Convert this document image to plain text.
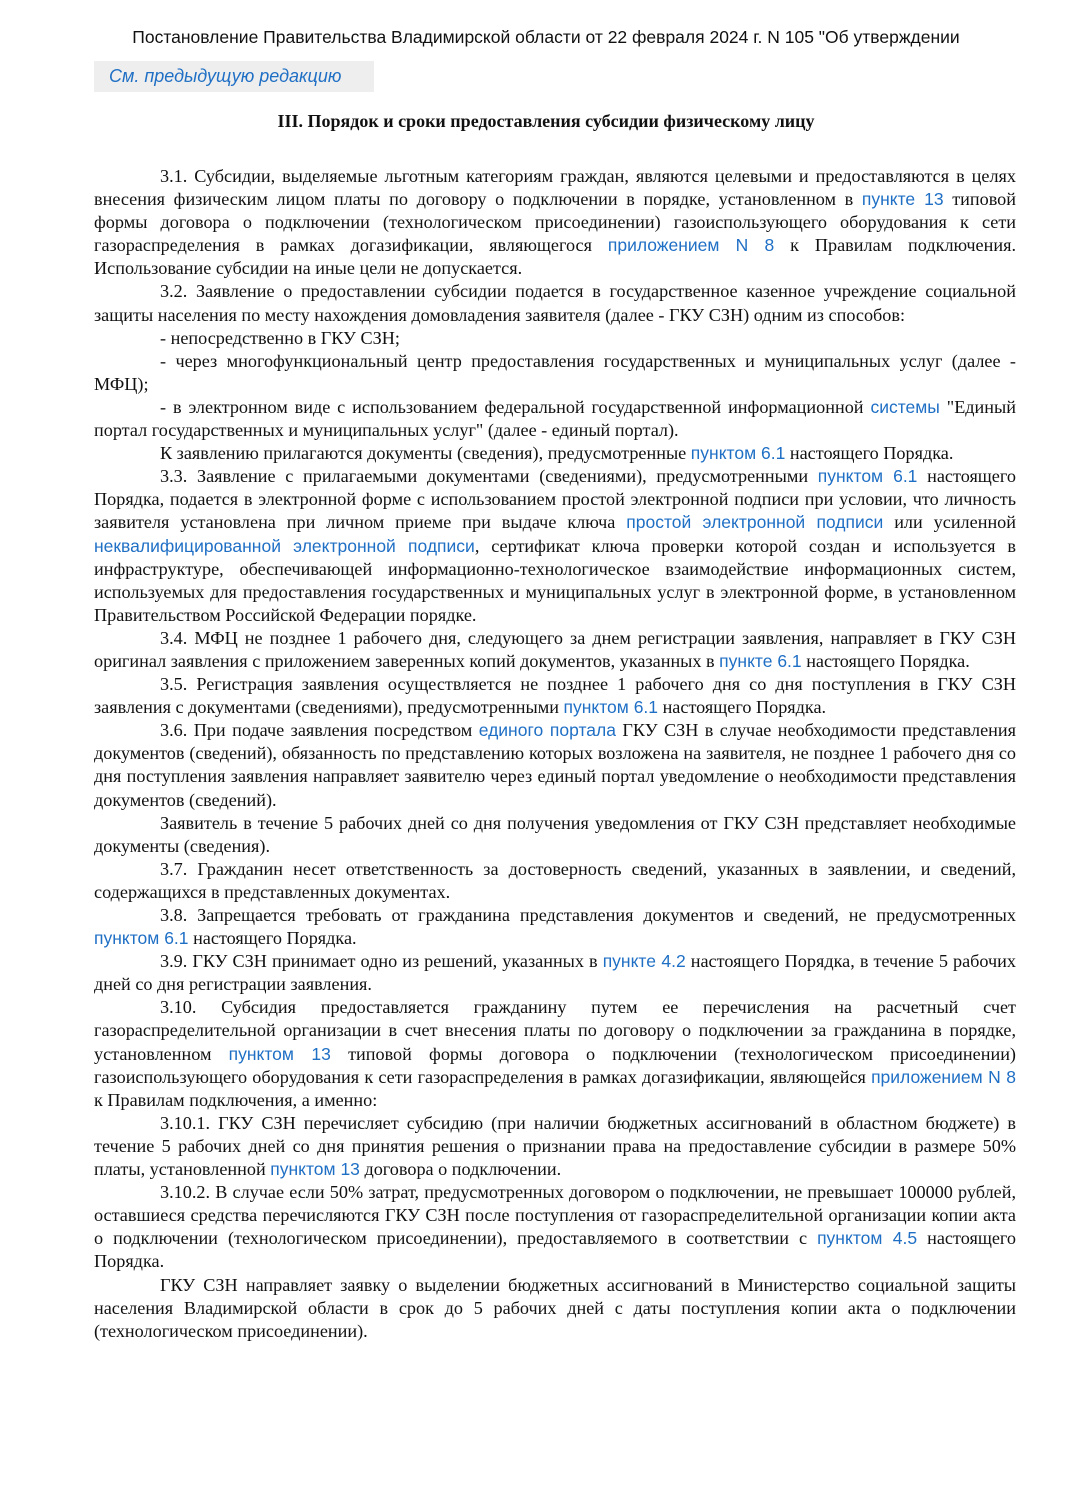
Постановление Правительства Владимирской области от 22 февраля 2024 г. N 105 "Об утверждении
См. предыдущую редакцию
III. Порядок и сроки предоставления субсидии физическому лицу

3.1. Субсидии, выделяемые льготным категориям граждан, являются целевыми и предоставляются в целях внесения физическим лицом платы по договору о подключении в порядке, установленном в пункте 13 типовой формы договора о подключении (технологическом присоединении) газоиспользующего оборудования к сети газораспределения в рамках догазификации, являющегося приложением N 8 к Правилам подключения. Использование субсидии на иные цели не допускается.

3.2. Заявление о предоставлении субсидии подается в государственное казенное учреждение социальной защиты населения по месту нахождения домовладения заявителя (далее - ГКУ СЗН) одним из способов:

- непосредственно в ГКУ СЗН;

- через многофункциональный центр предоставления государственных и муниципальных услуг (далее - МФЦ);

- в электронном виде с использованием федеральной государственной информационной системы "Единый портал государственных и муниципальных услуг" (далее - единый портал).

К заявлению прилагаются документы (сведения), предусмотренные пунктом 6.1 настоящего Порядка.

3.3. Заявление с прилагаемыми документами (сведениями), предусмотренными пунктом 6.1 настоящего Порядка, подается в электронной форме с использованием простой электронной подписи при условии, что личность заявителя установлена при личном приеме при выдаче ключа простой электронной подписи или усиленной неквалифицированной электронной подписи, сертификат ключа проверки которой создан и используется в инфраструктуре, обеспечивающей информационно-технологическое взаимодействие информационных систем, используемых для предоставления государственных и муниципальных услуг в электронной форме, в установленном Правительством Российской Федерации порядке.

3.4. МФЦ не позднее 1 рабочего дня, следующего за днем регистрации заявления, направляет в ГКУ СЗН оригинал заявления с приложением заверенных копий документов, указанных в пункте 6.1 настоящего Порядка.

3.5. Регистрация заявления осуществляется не позднее 1 рабочего дня со дня поступления в ГКУ СЗН заявления с документами (сведениями), предусмотренными пунктом 6.1 настоящего Порядка.

3.6. При подаче заявления посредством единого портала ГКУ СЗН в случае необходимости представления документов (сведений), обязанность по представлению которых возложена на заявителя, не позднее 1 рабочего дня со дня поступления заявления направляет заявителю через единый портал уведомление о необходимости представления документов (сведений).

Заявитель в течение 5 рабочих дней со дня получения уведомления от ГКУ СЗН представляет необходимые документы (сведения).

3.7. Гражданин несет ответственность за достоверность сведений, указанных в заявлении, и сведений, содержащихся в представленных документах.

3.8. Запрещается требовать от гражданина представления документов и сведений, не предусмотренных пунктом 6.1 настоящего Порядка.

3.9. ГКУ СЗН принимает одно из решений, указанных в пункте 4.2 настоящего Порядка, в течение 5 рабочих дней со дня регистрации заявления.

3.10. Субсидия предоставляется гражданину путем ее перечисления на расчетный счет газораспределительной организации в счет внесения платы по договору о подключении за гражданина в порядке, установленном пунктом 13 типовой формы договора о подключении (технологическом присоединении) газоиспользующего оборудования к сети газораспределения в рамках догазификации, являющейся приложением N 8 к Правилам подключения, а именно:

3.10.1. ГКУ СЗН перечисляет субсидию (при наличии бюджетных ассигнований в областном бюджете) в течение 5 рабочих дней со дня принятия решения о признании права на предоставление субсидии в размере 50% платы, установленной пунктом 13 договора о подключении.

3.10.2. В случае если 50% затрат, предусмотренных договором о подключении, не превышает 100000 рублей, оставшиеся средства перечисляются ГКУ СЗН после поступления от газораспределительной организации копии акта о подключении (технологическом присоединении), предоставляемого в соответствии с пунктом 4.5 настоящего Порядка.

ГКУ СЗН направляет заявку о выделении бюджетных ассигнований в Министерство социальной защиты населения Владимирской области в срок до 5 рабочих дней с даты поступления копии акта о подключении (технологическом присоединении).
